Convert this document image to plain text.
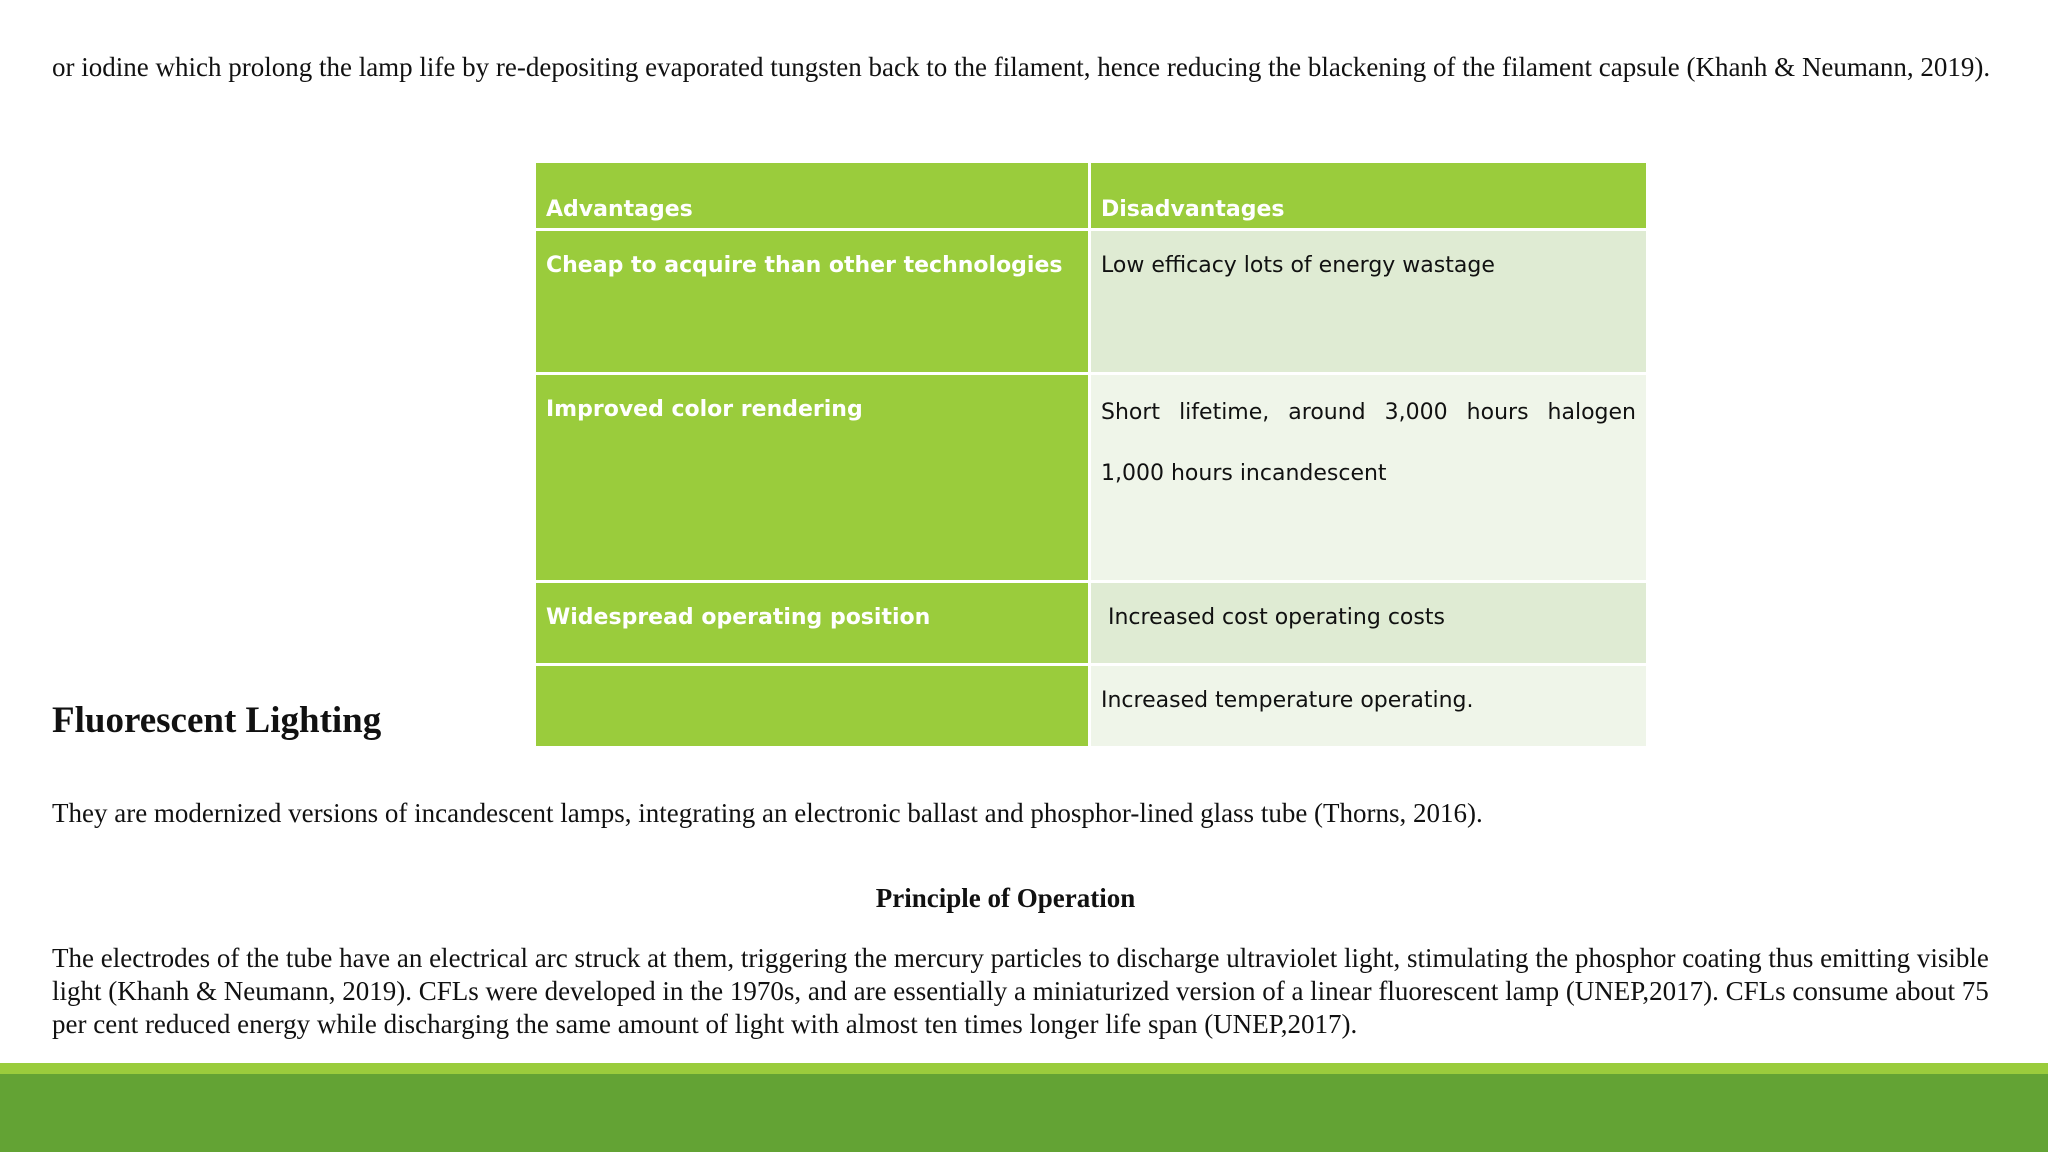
or iodine which prolong the lamp life by re-depositing evaporated tungsten back to the filament, hence reducing the blackening of the filament capsule (Khanh & Neumann, 2019).

Advantages	Disadvantages
Cheap to acquire than other technologies	Low efficacy lots of energy wastage
Improved color rendering	Short lifetime, around 3,000 hours halogen 1,000 hours incandescent
Widespread operating position	Increased cost operating costs
	Increased temperature operating.
Fluorescent Lighting

They are modernized versions of incandescent lamps, integrating an electronic ballast and phosphor-lined glass tube (Thorns, 2016).

Principle of Operation

The electrodes of the tube have an electrical arc struck at them, triggering the mercury particles to discharge ultraviolet light, stimulating the phosphor coating thus emitting visible light (Khanh & Neumann, 2019). CFLs were developed in the 1970s, and are essentially a miniaturized version of a linear fluorescent lamp (UNEP,2017). CFLs consume about 75 per cent reduced energy while discharging the same amount of light with almost ten times longer life span (UNEP,2017).
